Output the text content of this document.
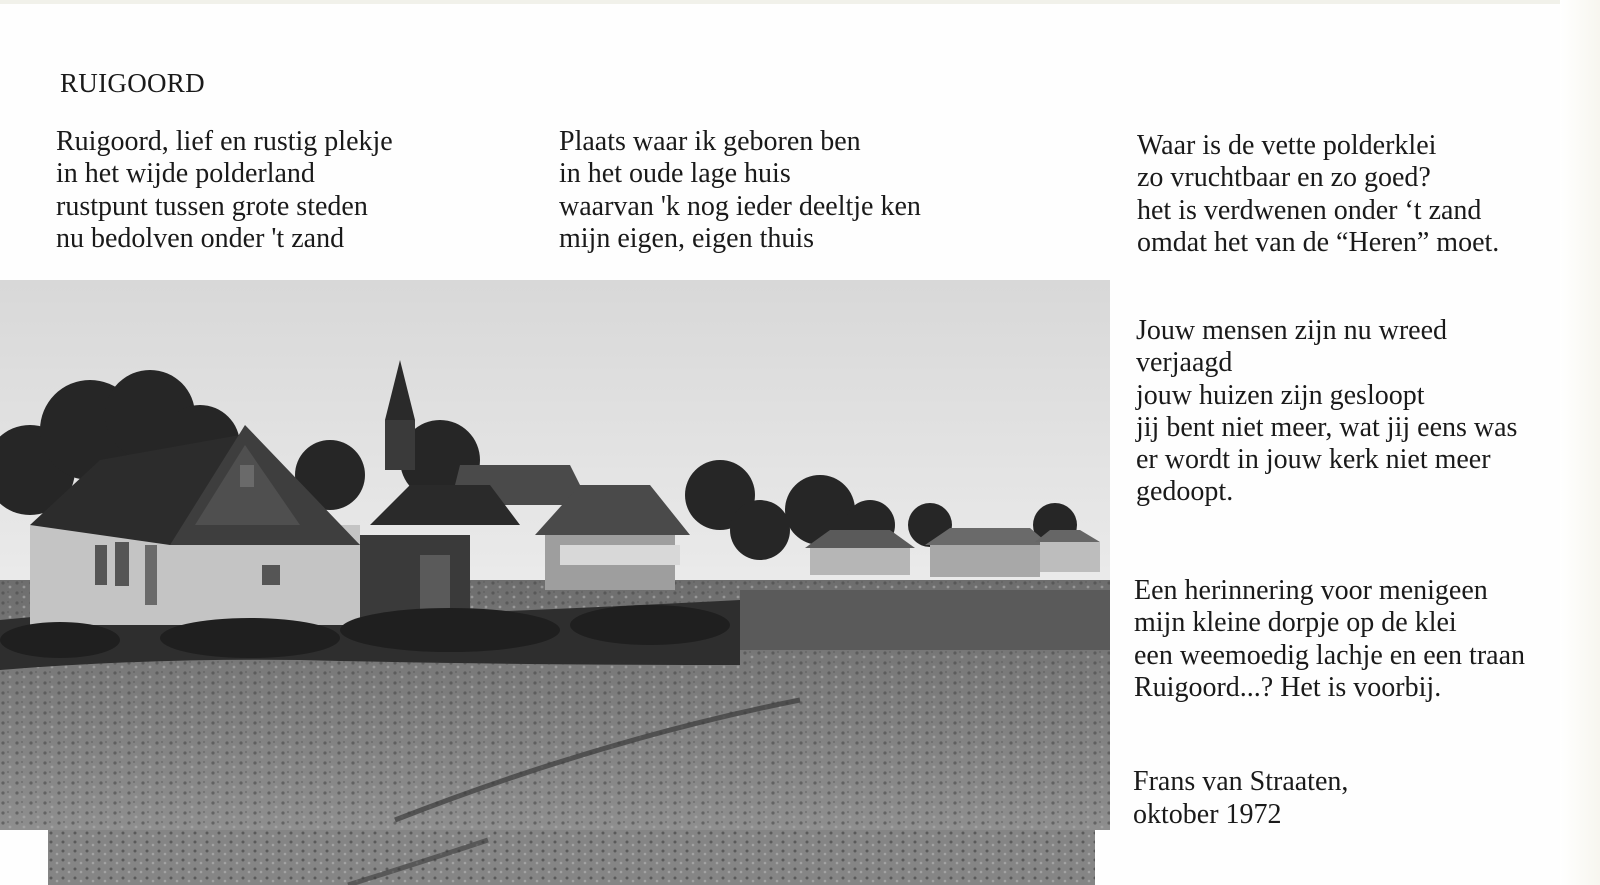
RUIGOORD
Ruigoord, lief en rustig plekje
in het wijde polderland
rustpunt tussen grote steden
nu bedolven onder 't zand
Plaats waar ik geboren ben
in het oude lage huis
waarvan 'k nog ieder deeltje ken
mijn eigen, eigen thuis
Waar is de vette polderklei
zo vruchtbaar en zo goed?
het is verdwenen onder ‘t zand
omdat het van de “Heren” moet.
Jouw mensen zijn nu wreed
verjaagd
jouw huizen zijn gesloopt
jij bent niet meer, wat jij eens was
er wordt in jouw kerk niet meer
gedoopt.
Een herinnering voor menigeen
mijn kleine dorpje op de klei
een weemoedig lachje en een traan
Ruigoord...? Het is voorbij.
Frans van Straaten,
oktober 1972
